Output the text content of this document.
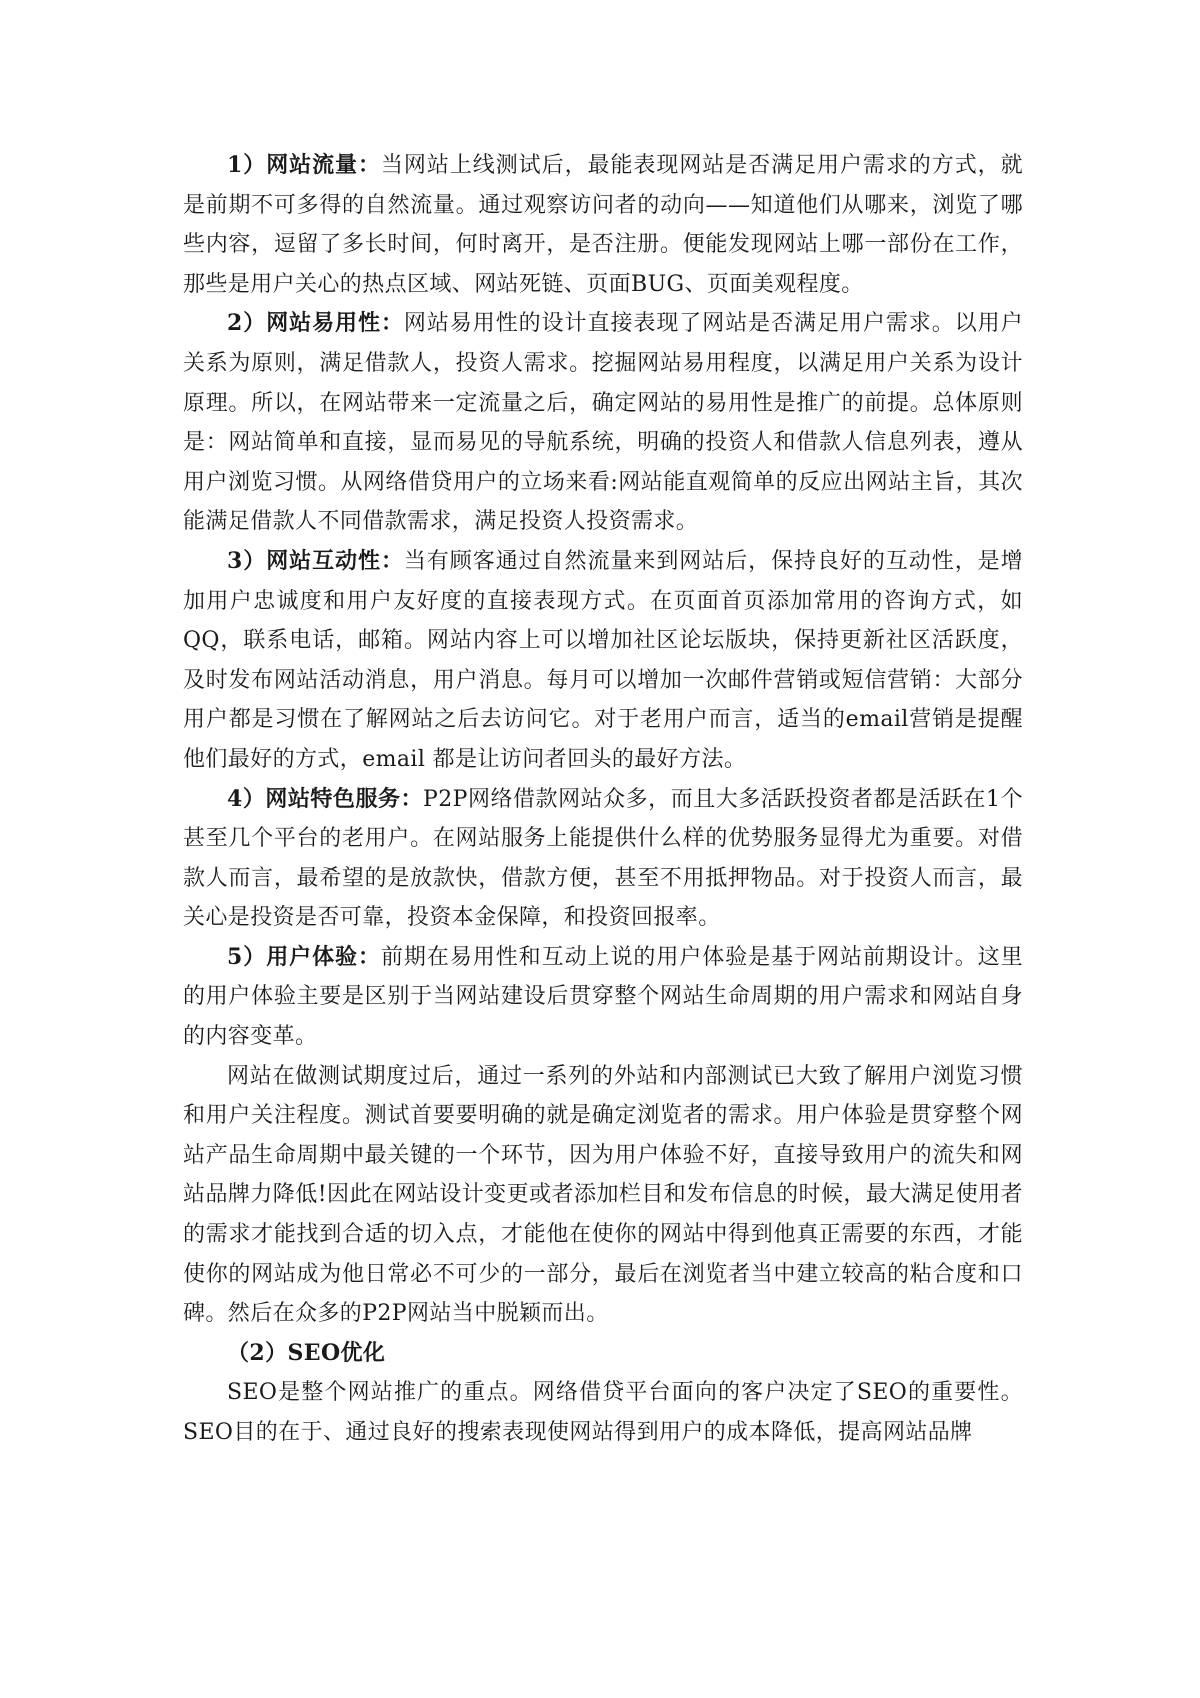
1）网站流量：当网站上线测试后，最能表现网站是否满足用户需求的方式，就是前期不可多得的自然流量。通过观察访问者的动向——知道他们从哪来，浏览了哪些内容，逗留了多长时间，何时离开，是否注册。便能发现网站上哪一部份在工作，那些是用户关心的热点区域、网站死链、页面BUG、页面美观程度。

2）网站易用性：网站易用性的设计直接表现了网站是否满足用户需求。以用户关系为原则，满足借款人，投资人需求。挖掘网站易用程度，以满足用户关系为设计原理。所以，在网站带来一定流量之后，确定网站的易用性是推广的前提。总体原则是：网站简单和直接，显而易见的导航系统，明确的投资人和借款人信息列表，遵从用户浏览习惯。从网络借贷用户的立场来看:网站能直观简单的反应出网站主旨，其次能满足借款人不同借款需求，满足投资人投资需求。

3）网站互动性：当有顾客通过自然流量来到网站后，保持良好的互动性，是增加用户忠诚度和用户友好度的直接表现方式。在页面首页添加常用的咨询方式，如QQ，联系电话，邮箱。网站内容上可以增加社区论坛版块，保持更新社区活跃度，及时发布网站活动消息，用户消息。每月可以增加一次邮件营销或短信营销：大部分用户都是习惯在了解网站之后去访问它。对于老用户而言，适当的email营销是提醒他们最好的方式，email 都是让访问者回头的最好方法。

4）网站特色服务：P2P网络借款网站众多，而且大多活跃投资者都是活跃在1个甚至几个平台的老用户。在网站服务上能提供什么样的优势服务显得尤为重要。对借款人而言，最希望的是放款快，借款方便，甚至不用抵押物品。对于投资人而言，最关心是投资是否可靠，投资本金保障，和投资回报率。

5）用户体验：前期在易用性和互动上说的用户体验是基于网站前期设计。这里的用户体验主要是区别于当网站建设后贯穿整个网站生命周期的用户需求和网站自身的内容变革。

网站在做测试期度过后，通过一系列的外站和内部测试已大致了解用户浏览习惯和用户关注程度。测试首要要明确的就是确定浏览者的需求。用户体验是贯穿整个网站产品生命周期中最关键的一个环节，因为用户体验不好，直接导致用户的流失和网站品牌力降低!因此在网站设计变更或者添加栏目和发布信息的时候，最大满足使用者的需求才能找到合适的切入点，才能他在使你的网站中得到他真正需要的东西，才能使你的网站成为他日常必不可少的一部分，最后在浏览者当中建立较高的粘合度和口碑。然后在众多的P2P网站当中脱颖而出。

（2）SEO优化

SEO是整个网站推广的重点。网络借贷平台面向的客户决定了SEO的重要性。SEO目的在于、通过良好的搜索表现使网站得到用户的成本降低，提高网站品牌
